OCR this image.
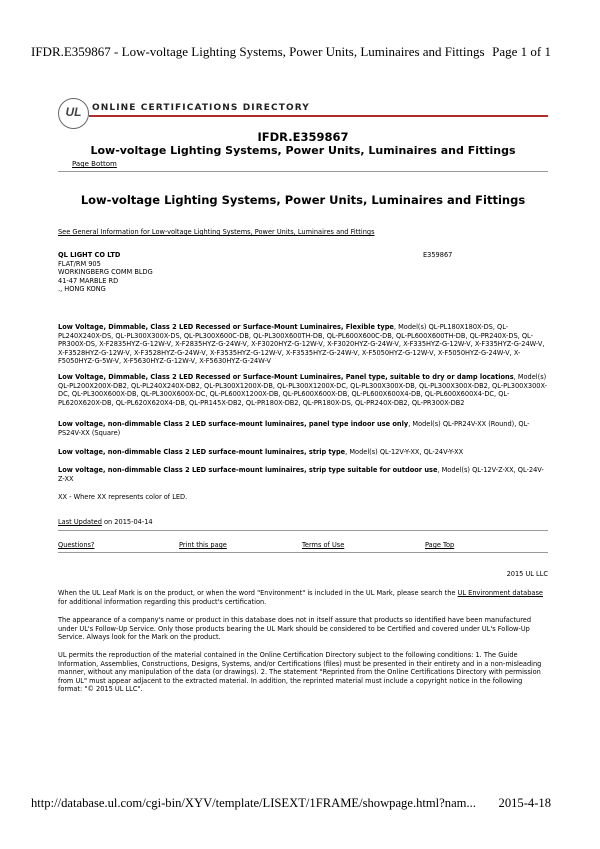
IFDR.E359867 - Low-voltage Lighting Systems, Power Units, Luminaires and Fittings Page 1 of 1
UL	ONLINE CERTIFICATIONS DIRECTORY
IFDR.E359867
Low-voltage Lighting Systems, Power Units, Luminaires and Fittings
Page Bottom
Low-voltage Lighting Systems, Power Units, Luminaires and Fittings
See General Information for Low-voltage Lighting Systems, Power Units, Luminaires and Fittings
QL LIGHT CO LTD
FLAT/RM 905
WORKINGBERG COMM BLDG
41-47 MARBLE RD
., HONG KONG
E359867
Low Voltage, Dimmable, Class 2 LED Recessed or Surface-Mount Luminaires, Flexible type, Model(s) QL-PL180X180X-DS, QL-PL240X240X-DS, QL-PL300X300X-DS, QL-PL300X600C-DB, QL-PL300X600TH-DB, QL-PL600X600C-DB, QL-PL600X600TH-DB, QL-PR240X-DS, QL-PR300X-DS, X-F2835HYZ-G-12W-V, X-F2835HYZ-G-24W-V, X-F3020HYZ-G-12W-V, X-F3020HYZ-G-24W-V, X-F335HYZ-G-12W-V, X-F335HYZ-G-24W-V, X-F3528HYZ-G-12W-V, X-F3528HYZ-G-24W-V, X-F3535HYZ-G-12W-V, X-F3535HYZ-G-24W-V, X-F5050HYZ-G-12W-V, X-F5050HYZ-G-24W-V, X-F5050HYZ-G-5W-V, X-F5630HYZ-G-12W-V, X-F5630HYZ-G-24W-V
Low Voltage, Dimmable, Class 2 LED Recessed or Surface-Mount Luminaires, Panel type, suitable to dry or damp locations, Model(s) QL-PL200X200X-DB2, QL-PL240X240X-DB2, QL-PL300X1200X-DB, QL-PL300X1200X-DC, QL-PL300X300X-DB, QL-PL300X300X-DB2, QL-PL300X300X-DC, QL-PL300X600X-DB, QL-PL300X600X-DC, QL-PL600X1200X-DB, QL-PL600X600X-DB, QL-PL600X600X4-DB, QL-PL600X600X4-DC, QL-PL620X620X-DB, QL-PL620X620X4-DB, QL-PR145X-DB2, QL-PR180X-DB2, QL-PR180X-DS, QL-PR240X-DB2, QL-PR300X-DB2
Low voltage, non-dimmable Class 2 LED surface-mount luminaires, panel type indoor use only, Model(s) QL-PR24V-XX (Round), QL-PS24V-XX (Square)
Low voltage, non-dimmable Class 2 LED surface-mount luminaires, strip type, Model(s) QL-12V-Y-XX, QL-24V-Y-XX
Low voltage, non-dimmable Class 2 LED surface-mount luminaires, strip type suitable for outdoor use, Model(s) QL-12V-Z-XX, QL-24V-Z-XX
XX - Where XX represents color of LED.
Last Updated on 2015-04-14
Questions?	Print this page	Terms of Use	Page Top
2015 UL LLC
When the UL Leaf Mark is on the product, or when the word "Environment" is included in the UL Mark, please search the UL Environment database for additional information regarding this product's certification.
The appearance of a company's name or product in this database does not in itself assure that products so identified have been manufactured under UL's Follow-Up Service. Only those products bearing the UL Mark should be considered to be Certified and covered under UL's Follow-Up Service. Always look for the Mark on the product.
UL permits the reproduction of the material contained in the Online Certification Directory subject to the following conditions: 1. The Guide Information, Assemblies, Constructions, Designs, Systems, and/or Certifications (files) must be presented in their entirety and in a non-misleading manner, without any manipulation of the data (or drawings). 2. The statement "Reprinted from the Online Certifications Directory with permission from UL" must appear adjacent to the extracted material. In addition, the reprinted material must include a copyright notice in the following format: "© 2015 UL LLC".
http://database.ul.com/cgi-bin/XYV/template/LISEXT/1FRAME/showpage.html?nam... 2015-4-18
